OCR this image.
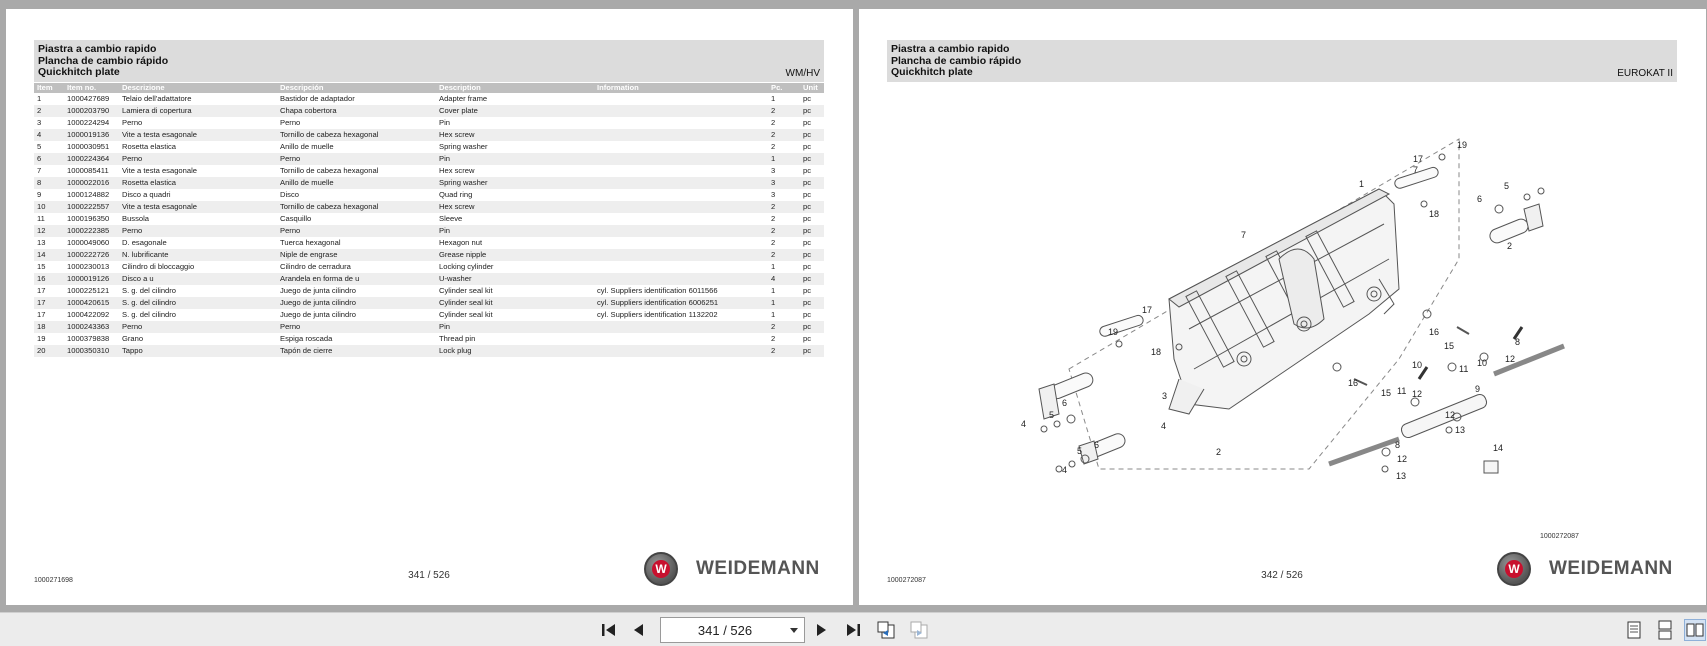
Piastra a cambio rapido
Plancha de cambio rápido
Quickhitch plate	WM/HV
Item	Item no.	Descrizione	Descripción	Description	Information	Pc.	Unit
1	1000427689	Telaio dell'adattatore	Bastidor de adaptador	Adapter frame		1	pc
2	1000203790	Lamiera di copertura	Chapa cobertora	Cover plate		2	pc
3	1000224294	Perno	Perno	Pin		2	pc
4	1000019136	Vite a testa esagonale	Tornillo de cabeza hexagonal	Hex screw		2	pc
5	1000030951	Rosetta elastica	Anillo de muelle	Spring washer		2	pc
6	1000224364	Perno	Perno	Pin		1	pc
7	1000085411	Vite a testa esagonale	Tornillo de cabeza hexagonal	Hex screw		3	pc
8	1000022016	Rosetta elastica	Anillo de muelle	Spring washer		3	pc
9	1000124882	Disco a quadri	Disco	Quad ring		3	pc
10	1000222557	Vite a testa esagonale	Tornillo de cabeza hexagonal	Hex screw		2	pc
11	1000196350	Bussola	Casquillo	Sleeve		2	pc
12	1000222385	Perno	Perno	Pin		2	pc
13	1000049060	D. esagonale	Tuerca hexagonal	Hexagon nut		2	pc
14	1000222726	N. lubrificante	Niple de engrase	Grease nipple		2	pc
15	1000230013	Cilindro di bloccaggio	Cilindro de cerradura	Locking cylinder		1	pc
16	1000019126	Disco a u	Arandela en forma de u	U-washer		4	pc
17	1000225121	S. g. del cilindro	Juego de junta cilindro	Cylinder seal kit	cyl. Suppliers identification 6011566	1	pc
17	1000420615	S. g. del cilindro	Juego de junta cilindro	Cylinder seal kit	cyl. Suppliers identification 6006251	1	pc
17	1000422092	S. g. del cilindro	Juego de junta cilindro	Cylinder seal kit	cyl. Suppliers identification 1132202	1	pc
18	1000243363	Perno	Perno	Pin		2	pc
19	1000379838	Grano	Espiga roscada	Thread pin		2	pc
20	1000350310	Tappo	Tapón de cierre	Lock plug		2	pc
1000271698	341 / 526	W WEIDEMANN
Piastra a cambio rapido
Plancha de cambio rápido
Quickhitch plate	EUROKAT II
1
2
2
3
4
4
4
5
5
5
6
6
6
7
7
8
8
9
10
10	11
11
12
12
12
12
13
13
14
15
15
16
16
17
17
18
18
19
19
1000272087
1000272087	342 / 526	W WEIDEMANN
341 / 526
